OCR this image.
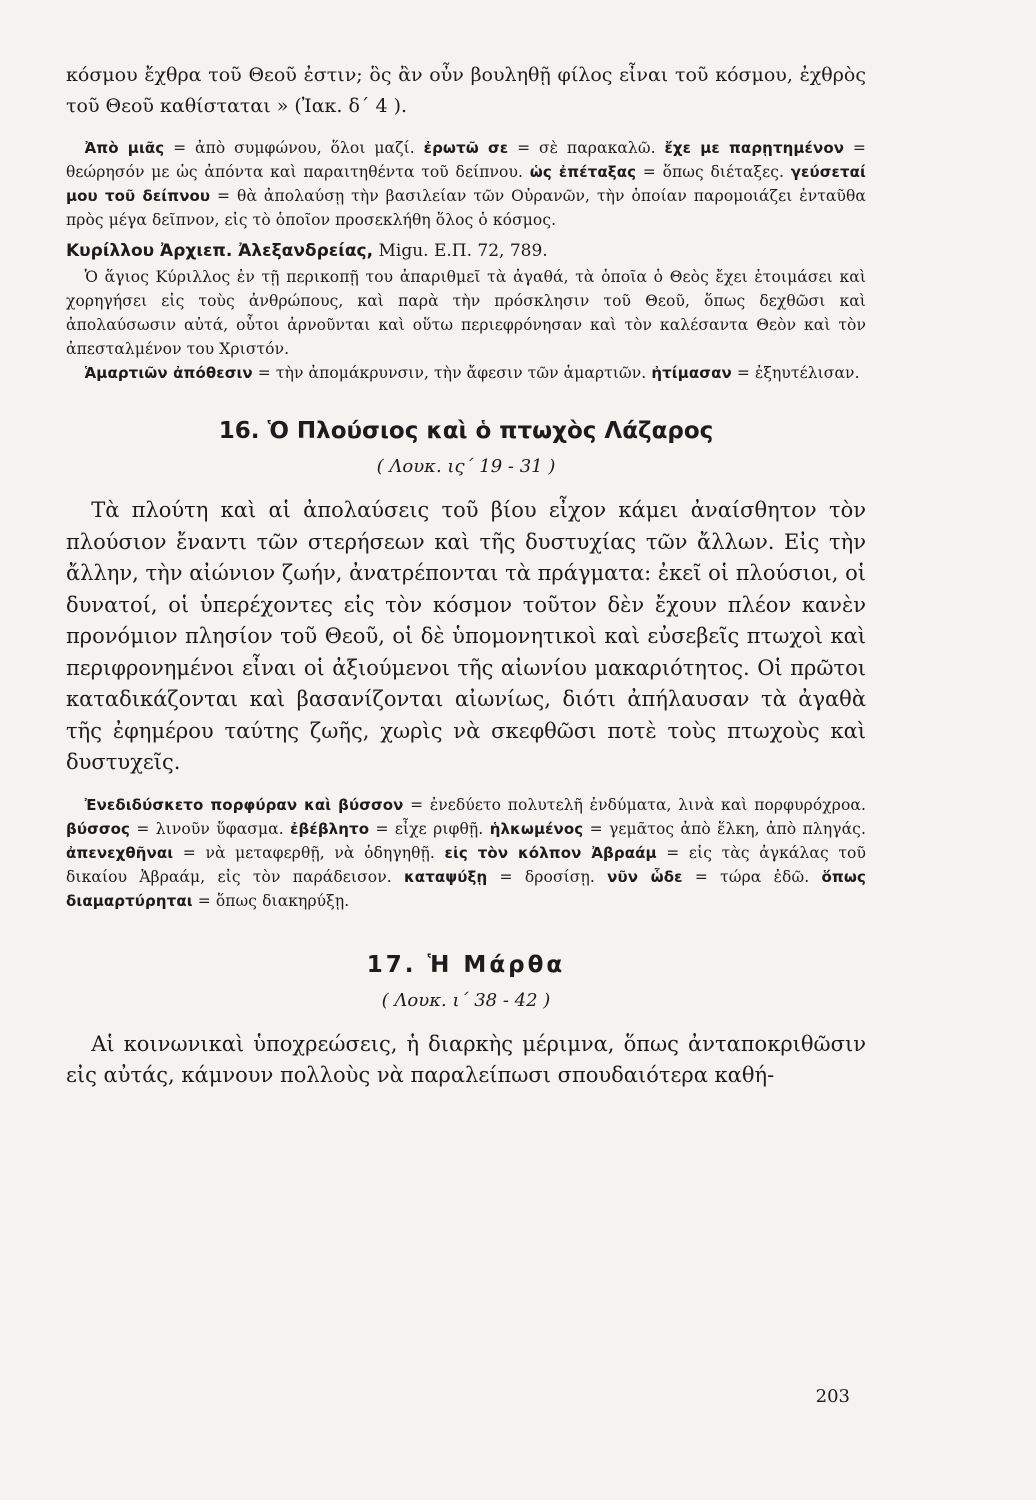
κόσμου ἔχθρα τοῦ Θεοῦ ἐστιν; ὃς ἂν οὖν βουληθῇ φίλος εἶναι τοῦ κόσμου, ἐχθρὸς τοῦ Θεοῦ καθίσταται » (Ἰακ. δ΄ 4 ).

Ἀπὸ μιᾶς = ἀπὸ συμφώνου, ὅλοι μαζί. ἐρωτῶ σε = σὲ παρακαλῶ. ἔχε με παρῃτημένον = θεώρησόν με ὡς ἀπόντα καὶ παραιτηθέντα τοῦ δείπνου. ὡς ἐπέταξας = ὅπως διέταξες. γεύσεταί μου τοῦ δείπνου = θὰ ἀπολαύσῃ τὴν βασιλείαν τῶν Οὐρανῶν, τὴν ὁποίαν παρομοιάζει ἐνταῦθα πρὸς μέγα δεῖπνον, εἰς τὸ ὁποῖον προσεκλήθη ὅλος ὁ κόσμος.

Κυρίλλου Ἀρχιεπ. Ἀλεξανδρείας, Migu. E.Π. 72, 789.

Ὁ ἅγιος Κύριλλος ἐν τῇ περικοπῇ του ἀπαριθμεῖ τὰ ἀγαθά, τὰ ὁποῖα ὁ Θεὸς ἔχει ἑτοιμάσει καὶ χορηγήσει εἰς τοὺς ἀνθρώπους, καὶ παρὰ τὴν πρόσκλησιν τοῦ Θεοῦ, ὅπως δεχθῶσι καὶ ἀπολαύσωσιν αὐτά, οὗτοι ἀρνοῦνται καὶ οὕτω περιεφρόνησαν καὶ τὸν καλέσαντα Θεὸν καὶ τὸν ἀπεσταλμένον του Χριστόν.

Ἁμαρτιῶν ἀπόθεσιν = τὴν ἀπομάκρυνσιν, τὴν ἄφεσιν τῶν ἁμαρτιῶν. ἠτίμασαν = ἐξηυτέλισαν.

16. Ὁ Πλούσιος καὶ ὁ πτωχὸς Λάζαρος
( Λουκ. ις΄ 19 - 31 )

Τὰ πλούτη καὶ αἱ ἀπολαύσεις τοῦ βίου εἶχον κάμει ἀναίσθητον τὸν πλούσιον ἔναντι τῶν στερήσεων καὶ τῆς δυστυχίας τῶν ἄλλων. Εἰς τὴν ἄλλην, τὴν αἰώνιον ζωήν, ἀνατρέπονται τὰ πράγματα: ἐκεῖ οἱ πλούσιοι, οἱ δυνατοί, οἱ ὑπερέχοντες εἰς τὸν κόσμον τοῦτον δὲν ἔχουν πλέον κανὲν προνόμιον πλησίον τοῦ Θεοῦ, οἱ δὲ ὑπομονητικοὶ καὶ εὐσεβεῖς πτωχοὶ καὶ περιφρονημένοι εἶναι οἱ ἀξιούμενοι τῆς αἰωνίου μακαριότητος. Οἱ πρῶτοι καταδικάζονται καὶ βασανίζονται αἰωνίως, διότι ἀπήλαυσαν τὰ ἀγαθὰ τῆς ἐφημέρου ταύτης ζωῆς, χωρὶς νὰ σκεφθῶσι ποτὲ τοὺς πτωχοὺς καὶ δυστυχεῖς.

Ἐνεδιδύσκετο πορφύραν καὶ βύσσον = ἐνεδύετο πολυτελῆ ἐνδύματα, λινὰ καὶ πορφυρόχροα. βύσσος = λινοῦν ὕφασμα. ἐβέβλητο = εἶχε ριφθῇ. ἡλκωμένος = γεμᾶτος ἀπὸ ἕλκη, ἀπὸ πληγάς. ἀπενεχθῆναι = νὰ μεταφερθῇ, νὰ ὁδηγηθῇ. εἰς τὸν κόλπον Ἀβραάμ = εἰς τὰς ἀγκάλας τοῦ δικαίου Ἀβραάμ, εἰς τὸν παράδεισον. καταψύξῃ = δροσίσῃ. νῦν ὧδε = τώρα ἐδῶ. ὅπως διαμαρτύρηται = ὅπως διακηρύξῃ.

17. Ἡ Μάρθα
( Λουκ. ι΄ 38 - 42 )

Αἱ κοινωνικαὶ ὑποχρεώσεις, ἡ διαρκὴς μέριμνα, ὅπως ἀνταποκριθῶσιν εἰς αὐτάς, κάμνουν πολλοὺς νὰ παραλείπωσι σπουδαιότερα καθή-

203
